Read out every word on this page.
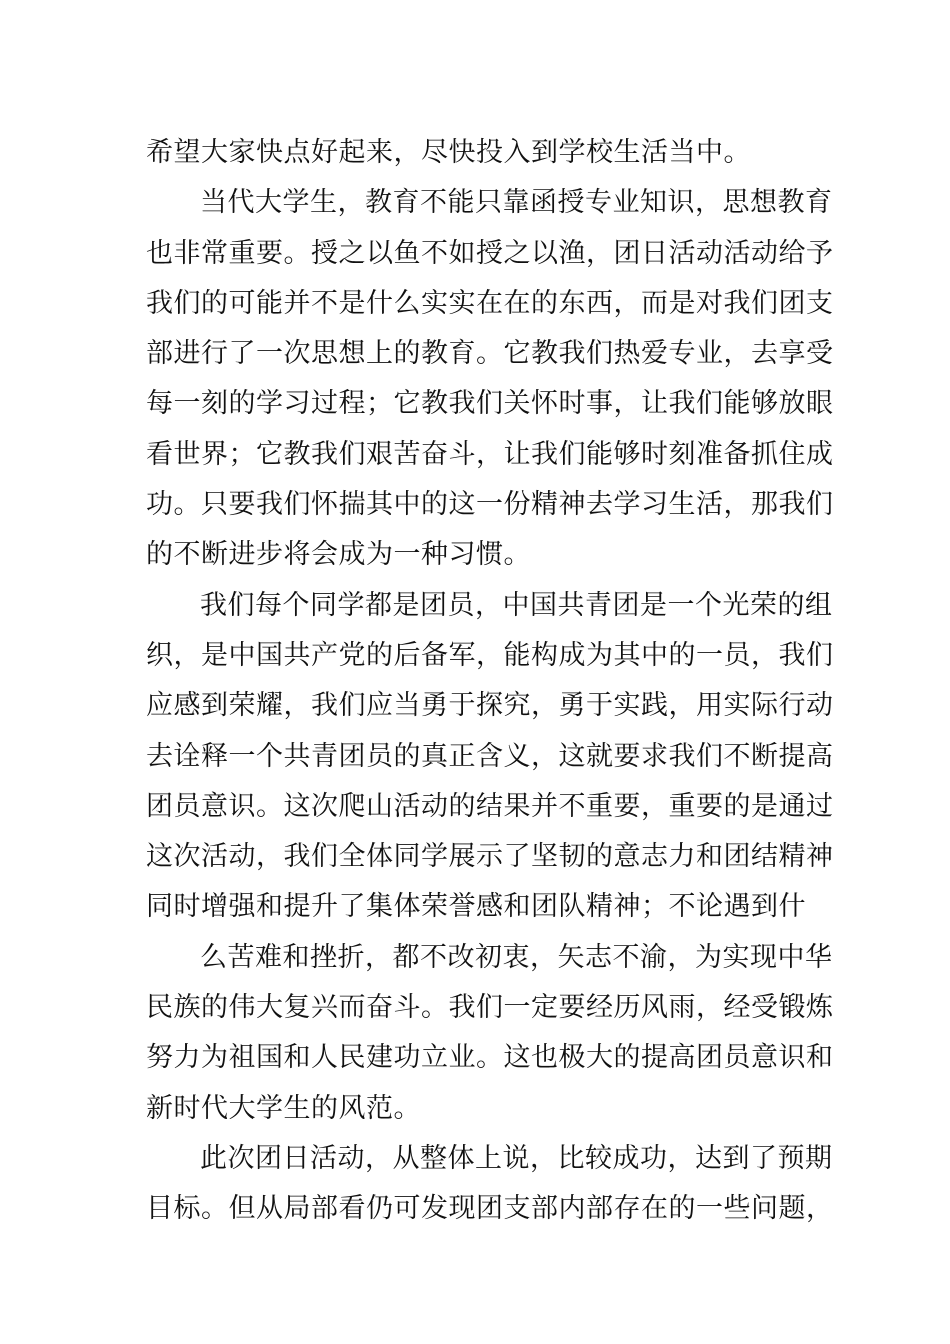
希望大家快点好起来，尽快投入到学校生活当中。
当代大学生，教育不能只靠函授专业知识，思想教育
也非常重要。授之以鱼不如授之以渔，团日活动活动给予
我们的可能并不是什么实实在在的东西，而是对我们团支
部进行了一次思想上的教育。它教我们热爱专业，去享受
每一刻的学习过程；它教我们关怀时事，让我们能够放眼
看世界；它教我们艰苦奋斗，让我们能够时刻准备抓住成
功。只要我们怀揣其中的这一份精神去学习生活，那我们
的不断进步将会成为一种习惯。
我们每个同学都是团员，中国共青团是一个光荣的组
织，是中国共产党的后备军，能构成为其中的一员，我们
应感到荣耀，我们应当勇于探究，勇于实践，用实际行动
去诠释一个共青团员的真正含义，这就要求我们不断提高
团员意识。这次爬山活动的结果并不重要，重要的是通过
这次活动，我们全体同学展示了坚韧的意志力和团结精神
同时增强和提升了集体荣誉感和团队精神；不论遇到什
么苦难和挫折，都不改初衷，矢志不渝，为实现中华
民族的伟大复兴而奋斗。我们一定要经历风雨，经受锻炼
努力为祖国和人民建功立业。这也极大的提高团员意识和
新时代大学生的风范。
此次团日活动，从整体上说，比较成功，达到了预期
目标。但从局部看仍可发现团支部内部存在的一些问题，
